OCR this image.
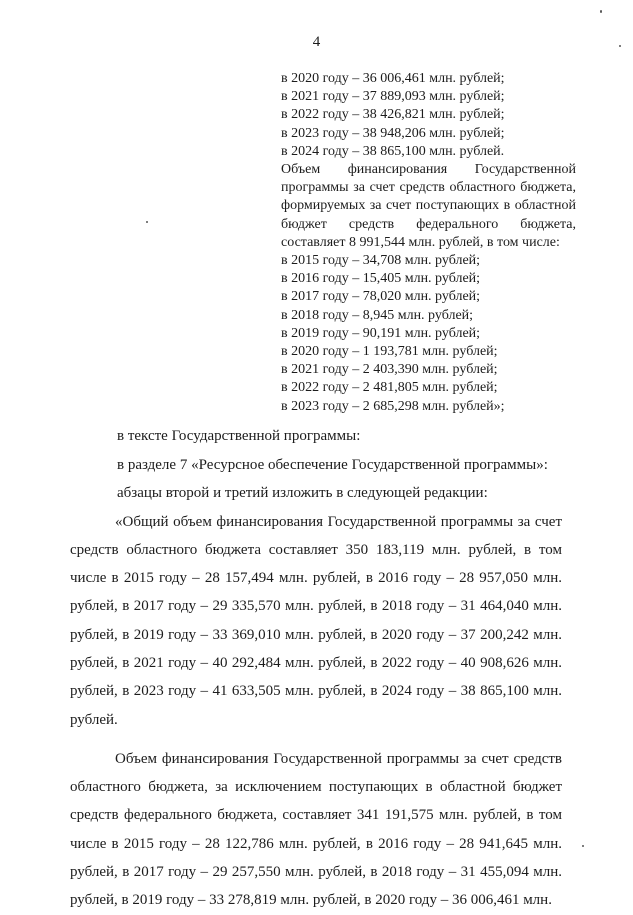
4
в 2020 году – 36 006,461 млн. рублей;
в 2021 году – 37 889,093 млн. рублей;
в 2022 году – 38 426,821 млн. рублей;
в 2023 году – 38 948,206 млн. рублей;
в 2024 году – 38 865,100 млн. рублей.
Объем финансирования Государственной программы за счет средств областного бюджета, формируемых за счет поступающих в областной бюджет средств федерального бюджета, составляет 8 991,544 млн. рублей, в том числе:
в 2015 году – 34,708 млн. рублей;
в 2016 году – 15,405 млн. рублей;
в 2017 году – 78,020 млн. рублей;
в 2018 году – 8,945 млн. рублей;
в 2019 году – 90,191 млн. рублей;
в 2020 году – 1 193,781 млн. рублей;
в 2021 году – 2 403,390 млн. рублей;
в 2022 году – 2 481,805 млн. рублей;
в 2023 году – 2 685,298 млн. рублей»;
в тексте Государственной программы:
в разделе 7 «Ресурсное обеспечение Государственной программы»:
абзацы второй и третий изложить в следующей редакции:
«Общий объем финансирования Государственной программы за счет средств областного бюджета составляет 350 183,119 млн. рублей, в том числе в 2015 году – 28 157,494 млн. рублей, в 2016 году – 28 957,050 млн. рублей, в 2017 году – 29 335,570 млн. рублей, в 2018 году – 31 464,040 млн. рублей, в 2019 году – 33 369,010 млн. рублей, в 2020 году – 37 200,242 млн. рублей, в 2021 году – 40 292,484 млн. рублей, в 2022 году – 40 908,626 млн. рублей, в 2023 году – 41 633,505 млн. рублей, в 2024 году – 38 865,100 млн. рублей.
Объем финансирования Государственной программы за счет средств областного бюджета, за исключением поступающих в областной бюджет средств федерального бюджета, составляет 341 191,575 млн. рублей, в том числе в 2015 году – 28 122,786 млн. рублей, в 2016 году – 28 941,645 млн. рублей, в 2017 году – 29 257,550 млн. рублей, в 2018 году – 31 455,094 млн. рублей, в 2019 году – 33 278,819 млн. рублей, в 2020 году – 36 006,461 млн.
